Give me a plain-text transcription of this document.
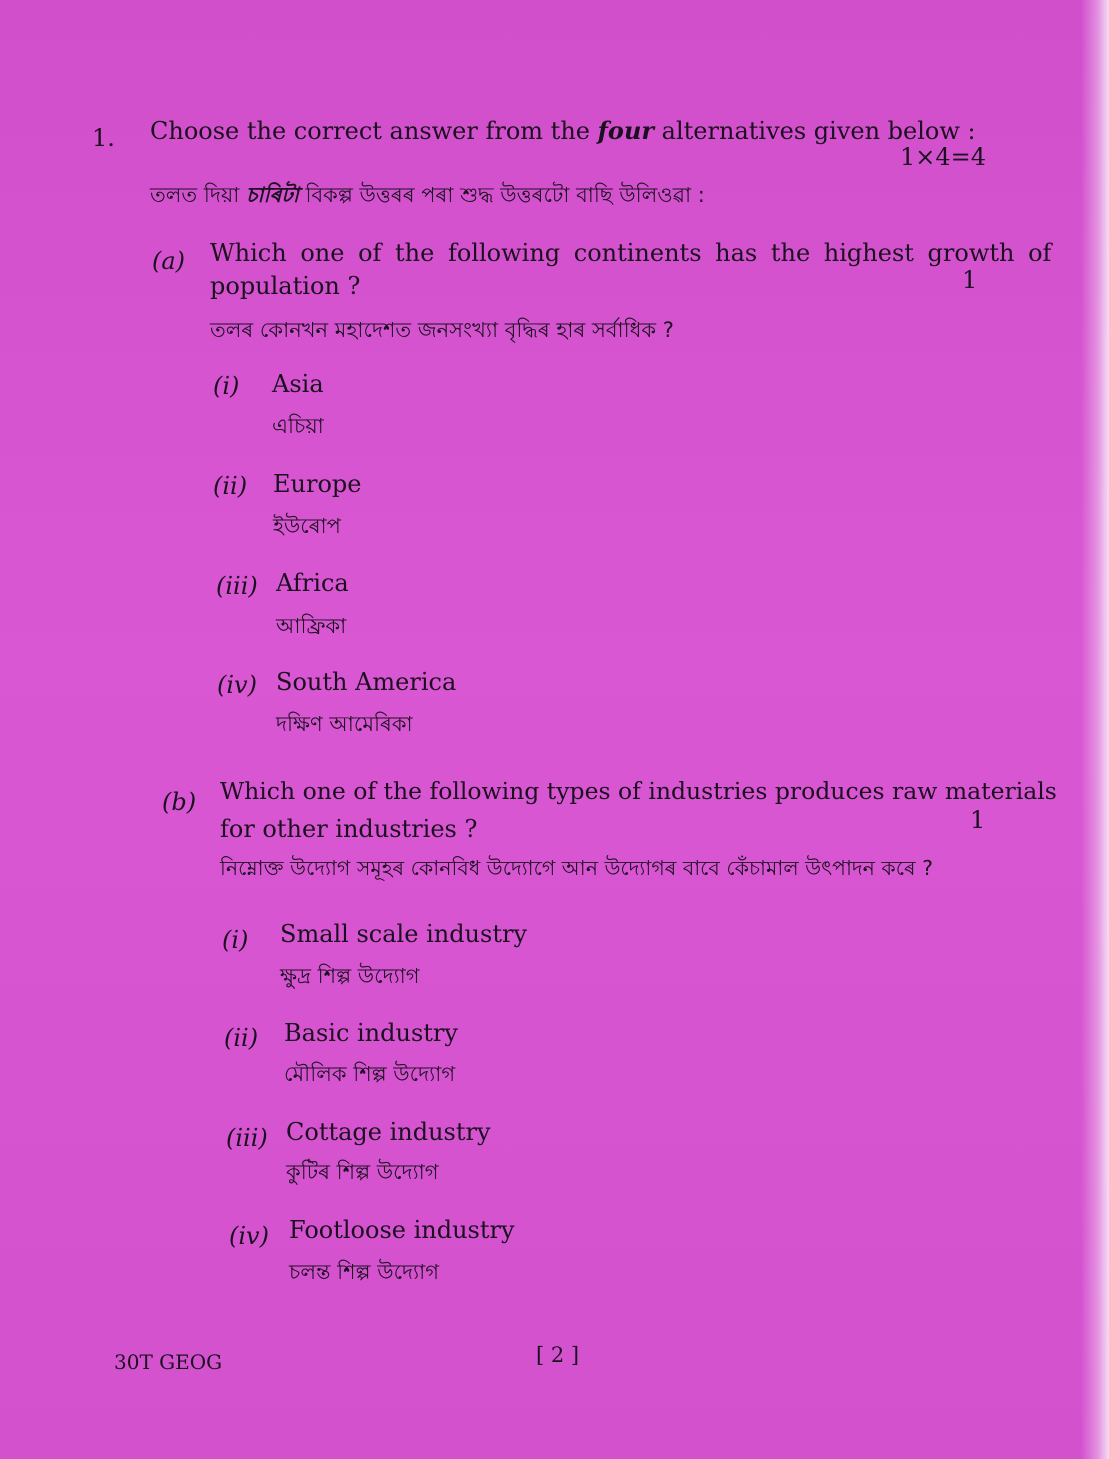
1. Choose the correct answer from the four alternatives given below :
1×4=4
তলত দিয়া চাৰিটা বিকল্প উত্তৰৰ পৰা শুদ্ধ উত্তৰটো বাছি উলিওৱা :
(a) Which one of the following continents has the highest growth of
population ?	1
তলৰ কোনখন মহাদেশত জনসংখ্যা বৃদ্ধিৰ হাৰ সৰ্বাধিক ?
(i) Asia
এচিয়া
(ii) Europe
ইউৰোপ
(iii) Africa
আফ্ৰিকা
(iv) South America
দক্ষিণ আমেৰিকা
(b) Which one of the following types of industries produces raw materials
for other industries ?	1
নিম্নোক্ত উদ্যোগ সমূহৰ কোনবিধ উদ্যোগে আন উদ্যোগৰ বাবে কেঁচামাল উৎপাদন কৰে ?
(i) Small scale industry
ক্ষুদ্ৰ শিল্প উদ্যোগ
(ii) Basic industry
মৌলিক শিল্প উদ্যোগ
(iii) Cottage industry
কুটিৰ শিল্প উদ্যোগ
(iv) Footloose industry
চলন্ত শিল্প উদ্যোগ
30T GEOG	[ 2 ]
